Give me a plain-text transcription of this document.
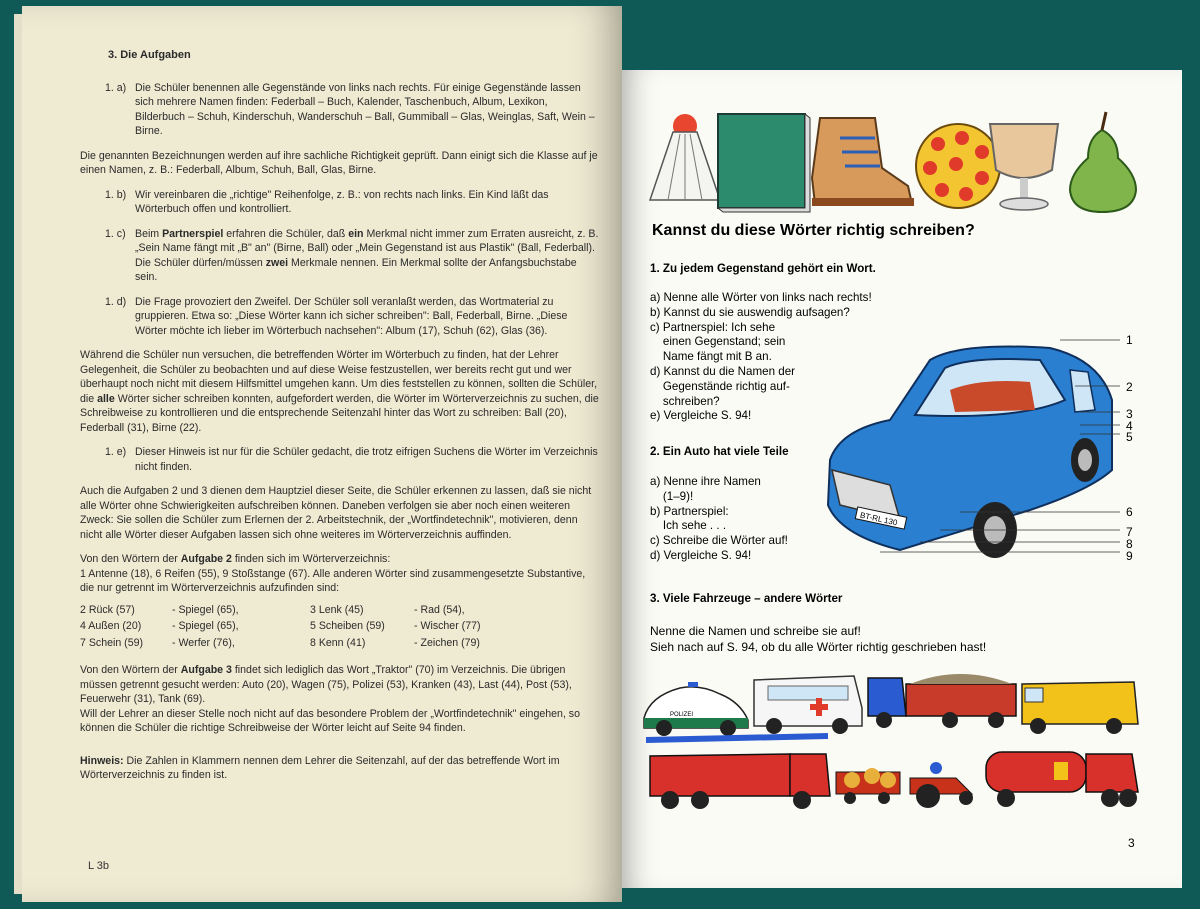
3. Die Aufgaben

1. a) Die Schüler benennen alle Gegenstände von links nach rechts. Für einige Gegenstände lassen sich mehrere Namen finden: Federball – Buch, Kalender, Taschenbuch, Album, Lexikon, Bilderbuch – Schuh, Kinderschuh, Wanderschuh – Ball, Gummiball – Glas, Weinglas, Saft, Wein – Birne.

Die genannten Bezeichnungen werden auf ihre sachliche Richtigkeit geprüft. Dann einigt sich die Klasse auf je einen Namen, z. B.: Federball, Album, Schuh, Ball, Glas, Birne.

1. b) Wir vereinbaren die „richtige" Reihenfolge, z. B.: von rechts nach links. Ein Kind läßt das Wörterbuch offen und kontrolliert.
1. c) Beim Partnerspiel erfahren die Schüler, daß ein Merkmal nicht immer zum Erraten ausreicht, z. B. „Sein Name fängt mit „B" an" (Birne, Ball) oder „Mein Gegenstand ist aus Plastik" (Ball, Federball). Die Schüler dürfen/müssen zwei Merkmale nennen. Ein Merkmal sollte der Anfangsbuchstabe sein.
1. d) Die Frage provoziert den Zweifel. Der Schüler soll veranlaßt werden, das Wortmaterial zu gruppieren. Etwa so: „Diese Wörter kann ich sicher schreiben": Ball, Federball, Birne. „Diese Wörter möchte ich lieber im Wörterbuch nachsehen": Album (17), Schuh (62), Glas (36).

Während die Schüler nun versuchen, die betreffenden Wörter im Wörterbuch zu finden, hat der Lehrer Gelegenheit, die Schüler zu beobachten und auf diese Weise festzustellen, wer bereits recht gut und wer überhaupt noch nicht mit diesem Hilfsmittel umgehen kann. Um dies feststellen zu können, sollten die Schüler, die alle Wörter sicher schreiben konnten, aufgefordert werden, die Wörter im Wörterverzeichnis zu suchen, die Schreibweise zu kontrollieren und die entsprechende Seitenzahl hinter das Wort zu schreiben: Ball (20), Federball (31), Birne (22).

1. e) Dieser Hinweis ist nur für die Schüler gedacht, die trotz eifrigen Suchens die Wörter im Verzeichnis nicht finden.

Auch die Aufgaben 2 und 3 dienen dem Hauptziel dieser Seite, die Schüler erkennen zu lassen, daß sie nicht alle Wörter ohne Schwierigkeiten aufschreiben können. Daneben verfolgen sie aber noch einen weiteren Zweck: Sie sollen die Schüler zum Erlernen der 2. Arbeitstechnik, der „Wortfindetechnik", motivieren, denn nicht alle Wörter dieser Aufgaben lassen sich ohne weiteres im Wörterverzeichnis auffinden.

Von den Wörtern der Aufgabe 2 finden sich im Wörterverzeichnis:
1 Antenne (18), 6 Reifen (55), 9 Stoßstange (67). Alle anderen Wörter sind zusammengesetzte Substantive, die nur getrennt im Wörterverzeichnis aufzufinden sind:

2 Rück (57)	- Spiegel (65),	3 Lenk (45)	- Rad (54),
4 Außen (20)	- Spiegel (65),	5 Scheiben (59)	- Wischer (77)
7 Schein (59)	- Werfer (76),	8 Kenn (41)	- Zeichen (79)

Von den Wörtern der Aufgabe 3 findet sich lediglich das Wort „Traktor" (70) im Verzeichnis. Die übrigen müssen getrennt gesucht werden: Auto (20), Wagen (75), Polizei (53), Kranken (43), Last (44), Post (53), Feuerwehr (31), Tank (69).
Will der Lehrer an dieser Stelle noch nicht auf das besondere Problem der „Wortfindetechnik" eingehen, so können die Schüler die richtige Schreibweise der Wörter leicht auf Seite 94 finden.

Hinweis: Die Zahlen in Klammern nennen dem Lehrer die Seitenzahl, auf der das betreffende Wort im Wörterverzeichnis zu finden ist.

L 3b
Kannst du diese Wörter richtig schreiben?
1. Zu jedem Gegenstand gehört ein Wort.
a) Nenne alle Wörter von links nach rechts!
b) Kannst du sie auswendig aufsagen?
c) Partnerspiel: Ich sehe
einen Gegenstand; sein
Name fängt mit B an.
d) Kannst du die Namen der
Gegenstände richtig auf-
schreiben?
e) Vergleiche S. 94!
2. Ein Auto hat viele Teile
a) Nenne ihre Namen
(1–9)!
b) Partnerspiel:
Ich sehe . . .
c) Schreibe die Wörter auf!
d) Vergleiche S. 94!
3. Viele Fahrzeuge – andere Wörter
Nenne die Namen und schreibe sie auf!
Sieh nach auf S. 94, ob du alle Wörter richtig geschrieben hast!
BT-RL 130
1
2
3
4
5
6
7
8
9
POLIZEI
3
